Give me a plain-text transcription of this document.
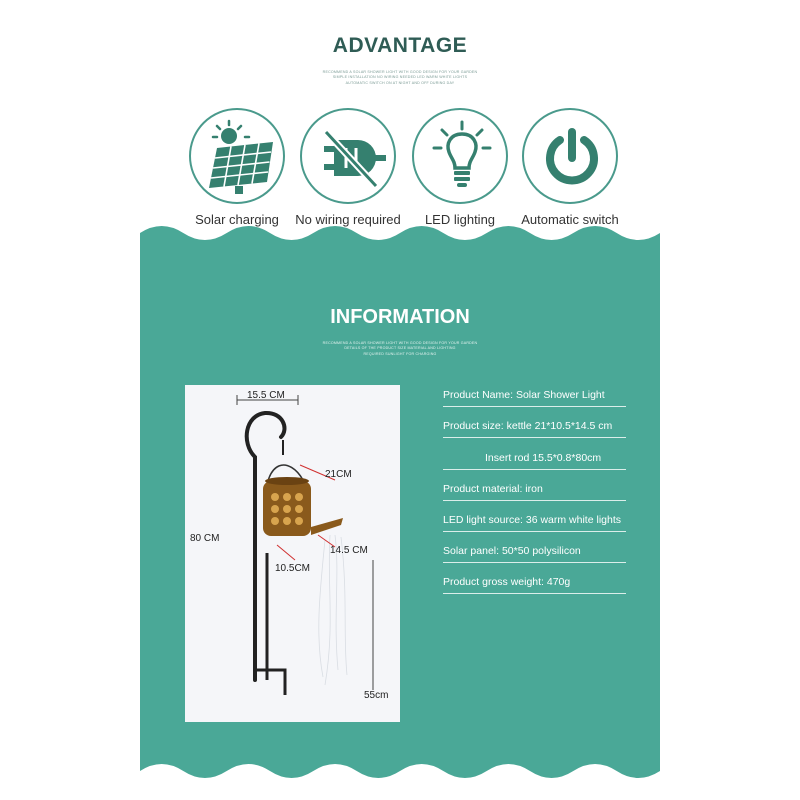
ADVANTAGE
RECOMMEND A SOLAR SHOWER LIGHT WITH GOOD DESIGN FOR YOUR GARDEN
SIMPLE INSTALLATION NO WIRING NEEDED LED WARM WHITE LIGHTS
AUTOMATIC SWITCH ON AT NIGHT AND OFF DURING DAY
Solar charging	No wiring required	LED lighting	Automatic switch
INFORMATION
RECOMMEND A SOLAR SHOWER LIGHT WITH GOOD DESIGN FOR YOUR GARDEN
DETAILS OF THE PRODUCT SIZE MATERIAL AND LIGHTING
REQUIRED SUNLIGHT FOR CHARGING
15.5 CM
21CM
14.5 CM
10.5CM
55cm
80 CM
Product Name: Solar Shower Light
Product size: kettle 21*10.5*14.5 cm
Insert rod 15.5*0.8*80cm
Product material: iron
LED light source: 36 warm white lights
Solar panel: 50*50 polysilicon
Product gross weight: 470g
